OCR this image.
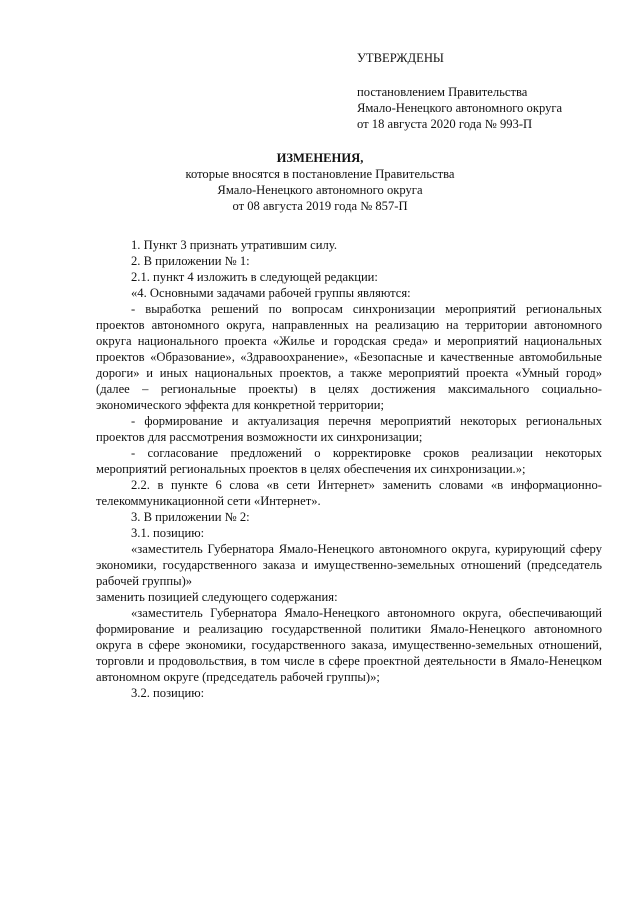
УТВЕРЖДЕНЫ
постановлением Правительства
Ямало-Ненецкого автономного округа
от 18 августа 2020 года № 993-П
ИЗМЕНЕНИЯ,
которые вносятся в постановление Правительства
Ямало-Ненецкого автономного округа
от 08 августа 2019 года № 857-П
1. Пункт 3 признать утратившим силу.
2. В приложении № 1:
2.1. пункт 4 изложить в следующей редакции:
«4. Основными задачами рабочей группы являются:
- выработка решений по вопросам синхронизации мероприятий региональных проектов автономного округа, направленных на реализацию на территории автономного округа национального проекта «Жилье и городская среда» и мероприятий национальных проектов «Образование», «Здравоохранение», «Безопасные и качественные автомобильные дороги» и иных национальных проектов, а также мероприятий проекта «Умный город» (далее – региональные проекты) в целях достижения максимального социально-экономического эффекта для конкретной территории;
- формирование и актуализация перечня мероприятий некоторых региональных проектов для рассмотрения возможности их синхронизации;
- согласование предложений о корректировке сроков реализации некоторых мероприятий региональных проектов в целях обеспечения их синхронизации.»;
2.2. в пункте 6 слова «в сети Интернет» заменить словами «в информационно-телекоммуникационной сети «Интернет».
3. В приложении № 2:
3.1. позицию:
«заместитель Губернатора Ямало-Ненецкого автономного округа, курирующий сферу экономики, государственного заказа и имущественно-земельных отношений (председатель рабочей группы)»
заменить позицией следующего содержания:
«заместитель Губернатора Ямало-Ненецкого автономного округа, обеспечивающий формирование и реализацию государственной политики Ямало-Ненецкого автономного округа в сфере экономики, государственного заказа, имущественно-земельных отношений, торговли и продовольствия, в том числе в сфере проектной деятельности в Ямало-Ненецком автономном округе (председатель рабочей группы)»;
3.2. позицию:
